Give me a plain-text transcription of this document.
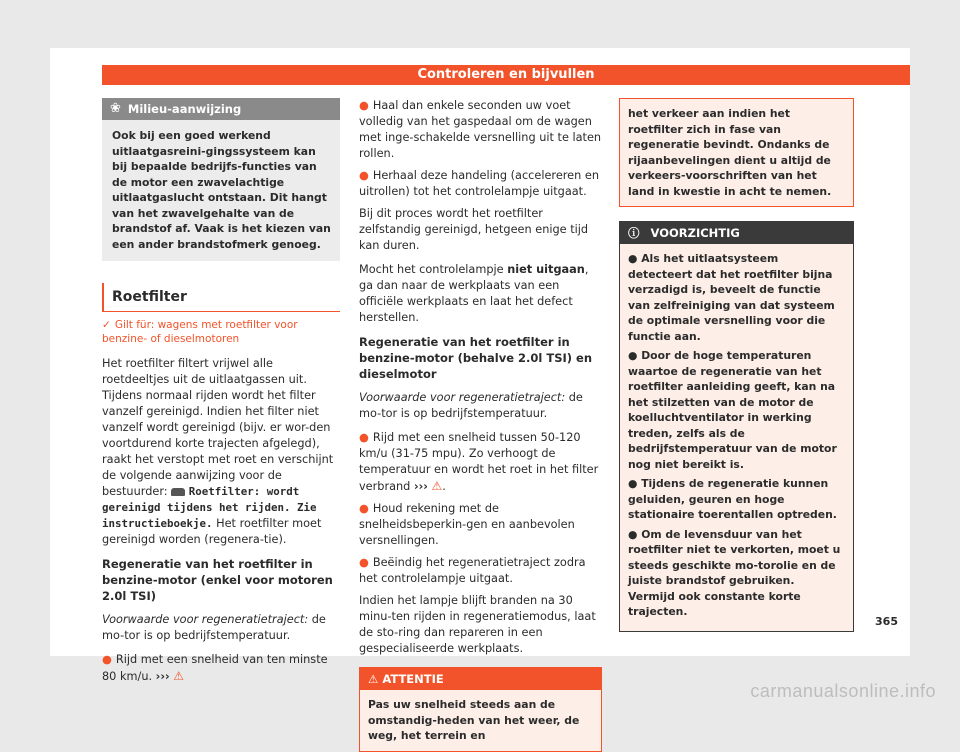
Controleren en bijvullen
❀ Milieu-aanwijzing
Ook bij een goed werkend uitlaatgasreini-gingssysteem kan bij bepaalde bedrijfs-functies van de motor een zwavelachtige uitlaatgaslucht ontstaan. Dit hangt van het zwavelgehalte van de brandstof af. Vaak is het kiezen van een ander brandstofmerk genoeg.
Roetfilter
✓ Gilt für: wagens met roetfilter voor benzine- of dieselmotoren

Het roetfilter filtert vrijwel alle roetdeeltjes uit de uitlaatgassen uit. Tijdens normaal rijden wordt het filter vanzelf gereinigd. Indien het filter niet vanzelf wordt gereinigd (bijv. er wor-den voortdurend korte trajecten afgelegd), raakt het verstopt met roet en verschijnt de volgende aanwijzing voor de bestuurder: Roetfilter: wordt gereinigd tijdens het rijden. Zie instructieboekje. Het roetfilter moet gereinigd worden (regenera-tie).

Regeneratie van het roetfilter in benzine-motor (enkel voor motoren 2.0l TSI)

Voorwaarde voor regeneratietraject: de mo-tor is op bedrijfstemperatuur.

● Rijd met een snelheid van ten minste 80 km/u. ››› ⚠
● Haal dan enkele seconden uw voet volledig van het gaspedaal om de wagen met inge-schakelde versnelling uit te laten rollen.
● Herhaal deze handeling (accelereren en uitrollen) tot het controlelampje uitgaat.

Bij dit proces wordt het roetfilter zelfstandig gereinigd, hetgeen enige tijd kan duren.

Mocht het controlelampje niet uitgaan, ga dan naar de werkplaats van een officiële werkplaats en laat het defect herstellen.

Regeneratie van het roetfilter in benzine-motor (behalve 2.0l TSI) en dieselmotor

Voorwaarde voor regeneratietraject: de mo-tor is op bedrijfstemperatuur.

● Rijd met een snelheid tussen 50-120 km/u (31-75 mpu). Zo verhoogt de temperatuur en wordt het roet in het filter verbrand ››› ⚠.
● Houd rekening met de snelheidsbeperkin-gen en aanbevolen versnellingen.
● Beëindig het regeneratietraject zodra het controlelampje uitgaat.

Indien het lampje blijft branden na 30 minu-ten rijden in regeneratiemodus, laat de sto-ring dan repareren in een gespecialiseerde werkplaats.

⚠ ATTENTIE
Pas uw snelheid steeds aan de omstandig-heden van het weer, de weg, het terrein en
het verkeer aan indien het roetfilter zich in fase van regeneratie bevindt. Ondanks de rijaanbevelingen dient u altijd de verkeers-voorschriften van het land in kwestie in acht te nemen.
ⓘ VOORZICHTIG
● Als het uitlaatsysteem detecteert dat het roetfilter bijna verzadigd is, beveelt de functie van zelfreiniging van dat systeem de optimale versnelling voor die functie aan.
● Door de hoge temperaturen waartoe de regeneratie van het roetfilter aanleiding geeft, kan na het stilzetten van de motor de koelluchtventilator in werking treden, zelfs als de bedrijfstemperatuur van de motor nog niet bereikt is.
● Tijdens de regeneratie kunnen geluiden, geuren en hoge stationaire toerentallen optreden.
● Om de levensduur van het roetfilter niet te verkorten, moet u steeds geschikte mo-torolie en de juiste brandstof gebruiken. Vermijd ook constante korte trajecten.
365
carmanualsonline.info
